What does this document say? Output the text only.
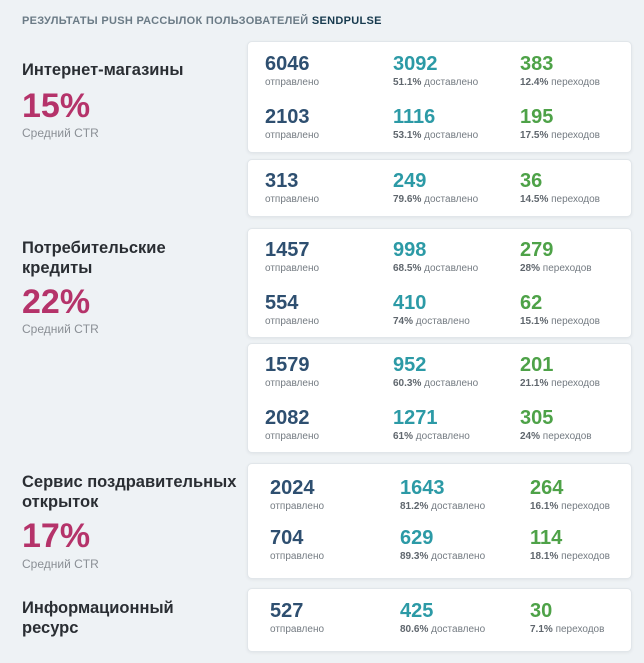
РЕЗУЛЬТАТЫ PUSH РАССЫЛОК ПОЛЬЗОВАТЕЛЕЙ SENDPULSE
Интернет-магазины
15%
Средний CTR
Потребительские
кредиты
22%
Средний CTR
Сервис поздравительных
открыток
17%
Средний CTR
Информационный
ресурс
6046
отправлено
3092
51.1% доставлено
383
12.4% переходов
2103
отправлено
1116
53.1% доставлено
195
17.5% переходов
313
отправлено
249
79.6% доставлено
36
14.5% переходов
1457
отправлено
998
68.5% доставлено
279
28% переходов
554
отправлено
410
74% доставлено
62
15.1% переходов
1579
отправлено
952
60.3% доставлено
201
21.1% переходов
2082
отправлено
1271
61% доставлено
305
24% переходов
2024
отправлено
1643
81.2% доставлено
264
16.1% переходов
704
отправлено
629
89.3% доставлено
114
18.1% переходов
527
отправлено
425
80.6% доставлено
30
7.1% переходов
